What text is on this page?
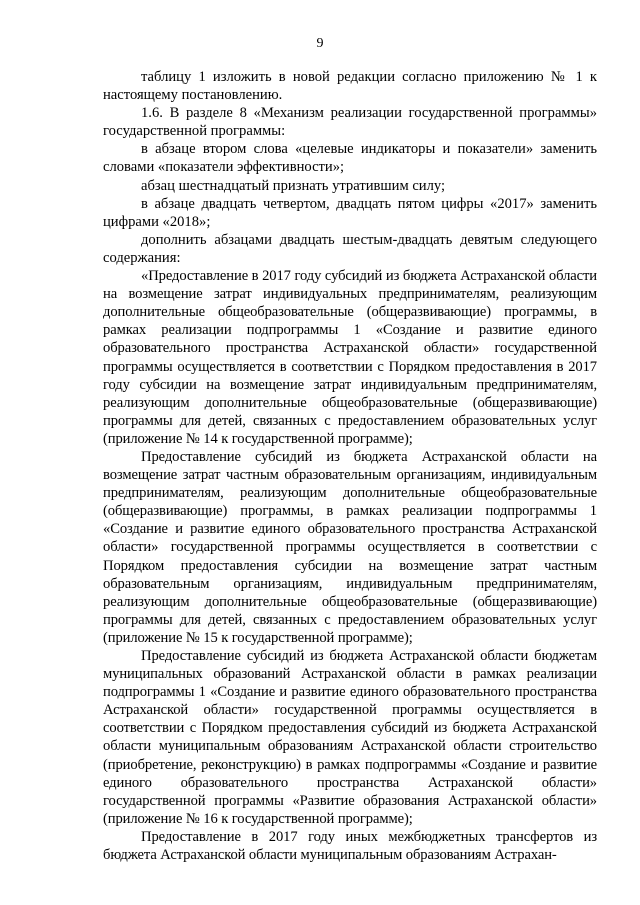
9

таблицу 1 изложить в новой редакции согласно приложению № 1 к настоящему постановлению.

1.6. В разделе 8 «Механизм реализации государственной программы» государственной программы:

в абзаце втором слова «целевые индикаторы и показатели» заменить словами «показатели эффективности»;

абзац шестнадцатый признать утратившим силу;

в абзаце двадцать четвертом, двадцать пятом цифры «2017» заменить цифрами «2018»;

дополнить абзацами двадцать шестым-двадцать девятым следующего содержания:

«Предоставление в 2017 году субсидий из бюджета Астраханской области на возмещение затрат индивидуальных предпринимателям, реализующим дополнительные общеобразовательные (общеразвивающие) программы, в рамках реализации подпрограммы 1 «Создание и развитие единого образовательного пространства Астраханской области» государственной программы осуществляется в соответствии с Порядком предоставления в 2017 году субсидии на возмещение затрат индивидуальным предпринимателям, реализующим дополнительные общеобразовательные (общеразвивающие) программы для детей, связанных с предоставлением образовательных услуг (приложение № 14 к государственной программе);

Предоставление субсидий из бюджета Астраханской области на возмещение затрат частным образовательным организациям, индивидуальным предпринимателям, реализующим дополнительные общеобразовательные (общеразвивающие) программы, в рамках реализации подпрограммы 1 «Создание и развитие единого образовательного пространства Астраханской области» государственной программы осуществляется в соответствии с Порядком предоставления субсидии на возмещение затрат частным образовательным организациям, индивидуальным предпринимателям, реализующим дополнительные общеобразовательные (общеразвивающие) программы для детей, связанных с предоставлением образовательных услуг (приложение № 15 к государственной программе);

Предоставление субсидий из бюджета Астраханской области бюджетам муниципальных образований Астраханской области в рамках реализации подпрограммы 1 «Создание и развитие единого образовательного пространства Астраханской области» государственной программы осуществляется в соответствии с Порядком предоставления субсидий из бюджета Астраханской области муниципальным образованиям Астраханской области строительство (приобретение, реконструкцию) в рамках подпрограммы «Создание и развитие единого образовательного пространства Астраханской области» государственной программы «Развитие образования Астраханской области» (приложение № 16 к государственной программе);

Предоставление в 2017 году иных межбюджетных трансфертов из бюджета Астраханской области муниципальным образованиям Астрахан-
